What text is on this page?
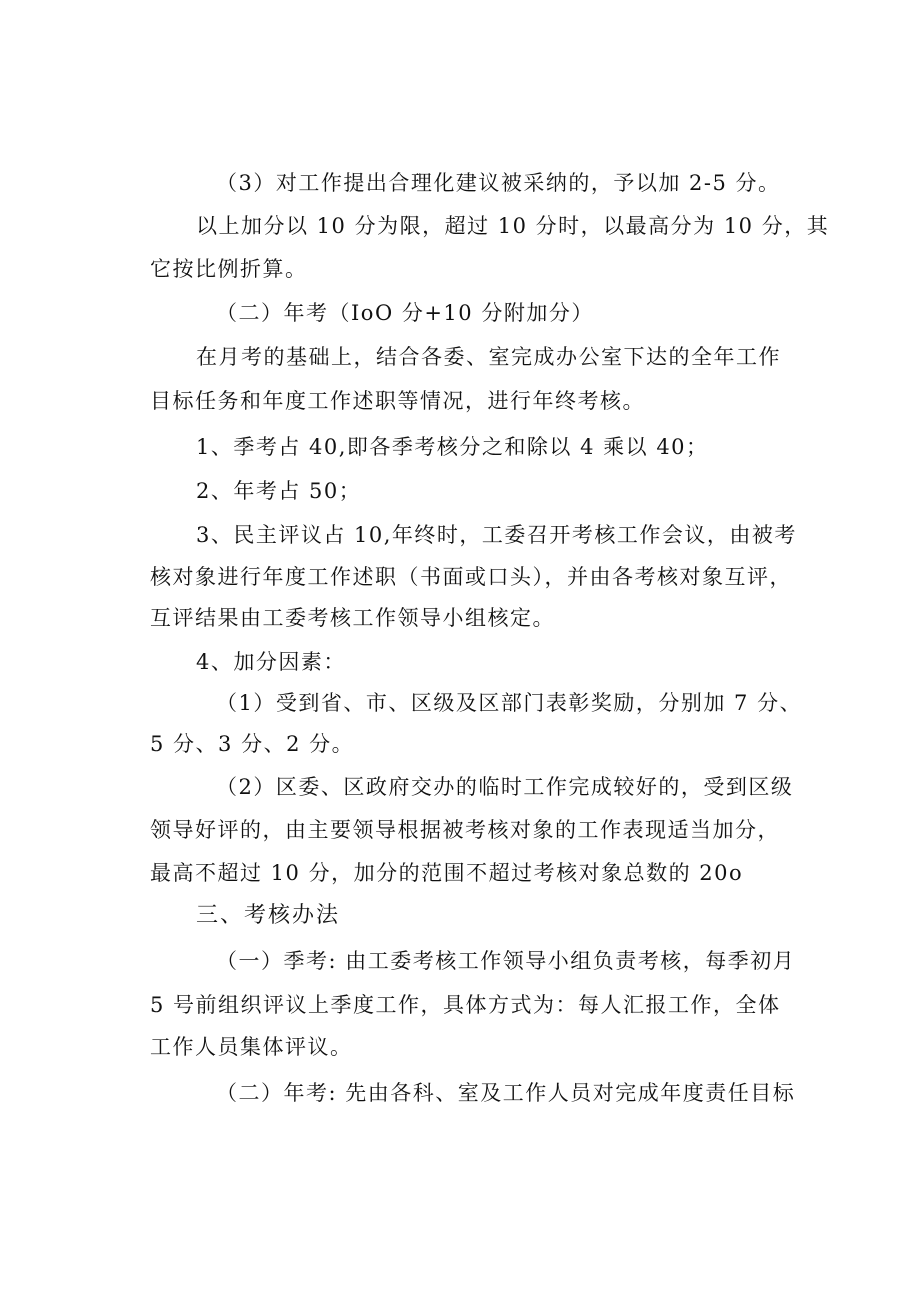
（3）对工作提出合理化建议被采纳的，予以加 2-5 分。
以上加分以 10 分为限，超过 10 分时，以最高分为 10 分，其
它按比例折算。
（二）年考（IoO 分+10 分附加分）
在月考的基础上，结合各委、室完成办公室下达的全年工作
目标任务和年度工作述职等情况，进行年终考核。
1、季考占 40,即各季考核分之和除以 4 乘以 40；
2、年考占 50；
3、民主评议占 10,年终时，工委召开考核工作会议，由被考
核对象进行年度工作述职（书面或口头），并由各考核对象互评，
互评结果由工委考核工作领导小组核定。
4、加分因素：
（1）受到省、市、区级及区部门表彰奖励，分别加 7 分、
5 分、3 分、2 分。
（2）区委、区政府交办的临时工作完成较好的，受到区级
领导好评的，由主要领导根据被考核对象的工作表现适当加分，
最高不超过 10 分，加分的范围不超过考核对象总数的 20o
三、考核办法
（一）季考: 由工委考核工作领导小组负责考核，每季初月
5 号前组织评议上季度工作，具体方式为：每人汇报工作，全体
工作人员集体评议。
（二）年考: 先由各科、室及工作人员对完成年度责任目标
